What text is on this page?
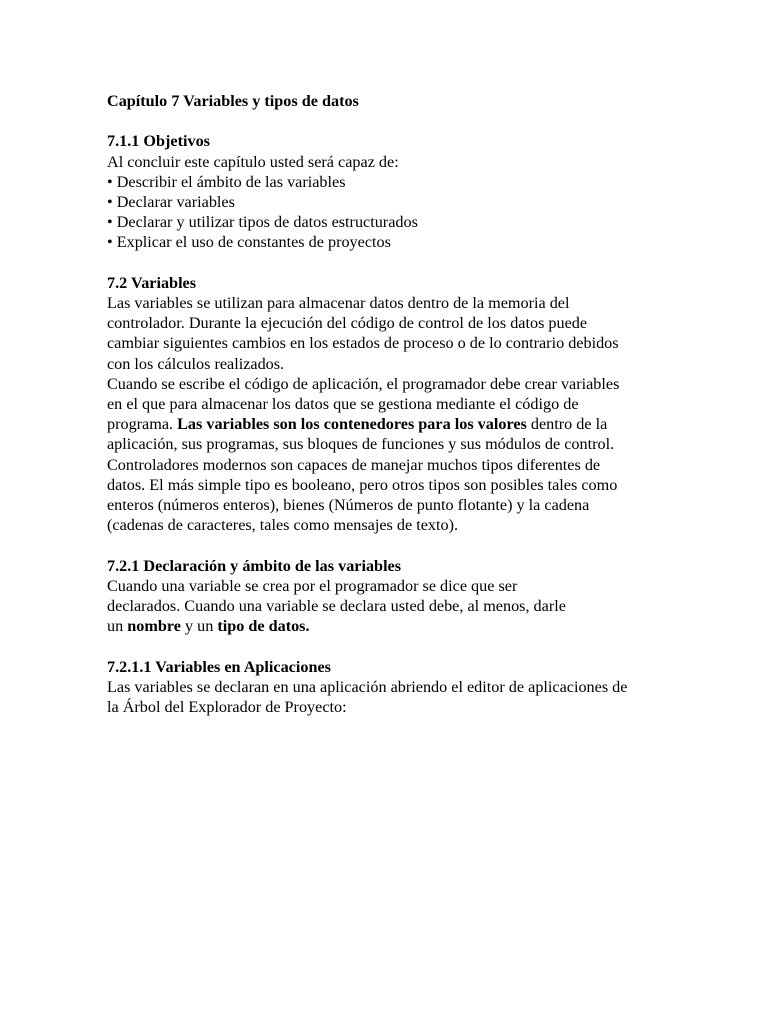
Capítulo 7 Variables y tipos de datos
7.1.1 Objetivos
Al concluir este capítulo usted será capaz de:
• Describir el ámbito de las variables
• Declarar variables
• Declarar y utilizar tipos de datos estructurados
• Explicar el uso de constantes de proyectos
7.2 Variables
Las variables se utilizan para almacenar datos dentro de la memoria del
controlador. Durante la ejecución del código de control de los datos puede
cambiar siguientes cambios en los estados de proceso o de lo contrario debidos
con los cálculos realizados.
Cuando se escribe el código de aplicación, el programador debe crear variables
en el que para almacenar los datos que se gestiona mediante el código de
programa. Las variables son los contenedores para los valores dentro de la
aplicación, sus programas, sus bloques de funciones y sus módulos de control.
Controladores modernos son capaces de manejar muchos tipos diferentes de
datos. El más simple tipo es booleano, pero otros tipos son posibles tales como
enteros (números enteros), bienes (Números de punto flotante) y la cadena
(cadenas de caracteres, tales como mensajes de texto).
7.2.1 Declaración y ámbito de las variables
Cuando una variable se crea por el programador se dice que ser
declarados. Cuando una variable se declara usted debe, al menos, darle
un nombre y un tipo de datos.
7.2.1.1 Variables en Aplicaciones
Las variables se declaran en una aplicación abriendo el editor de aplicaciones de
la Árbol del Explorador de Proyecto:
